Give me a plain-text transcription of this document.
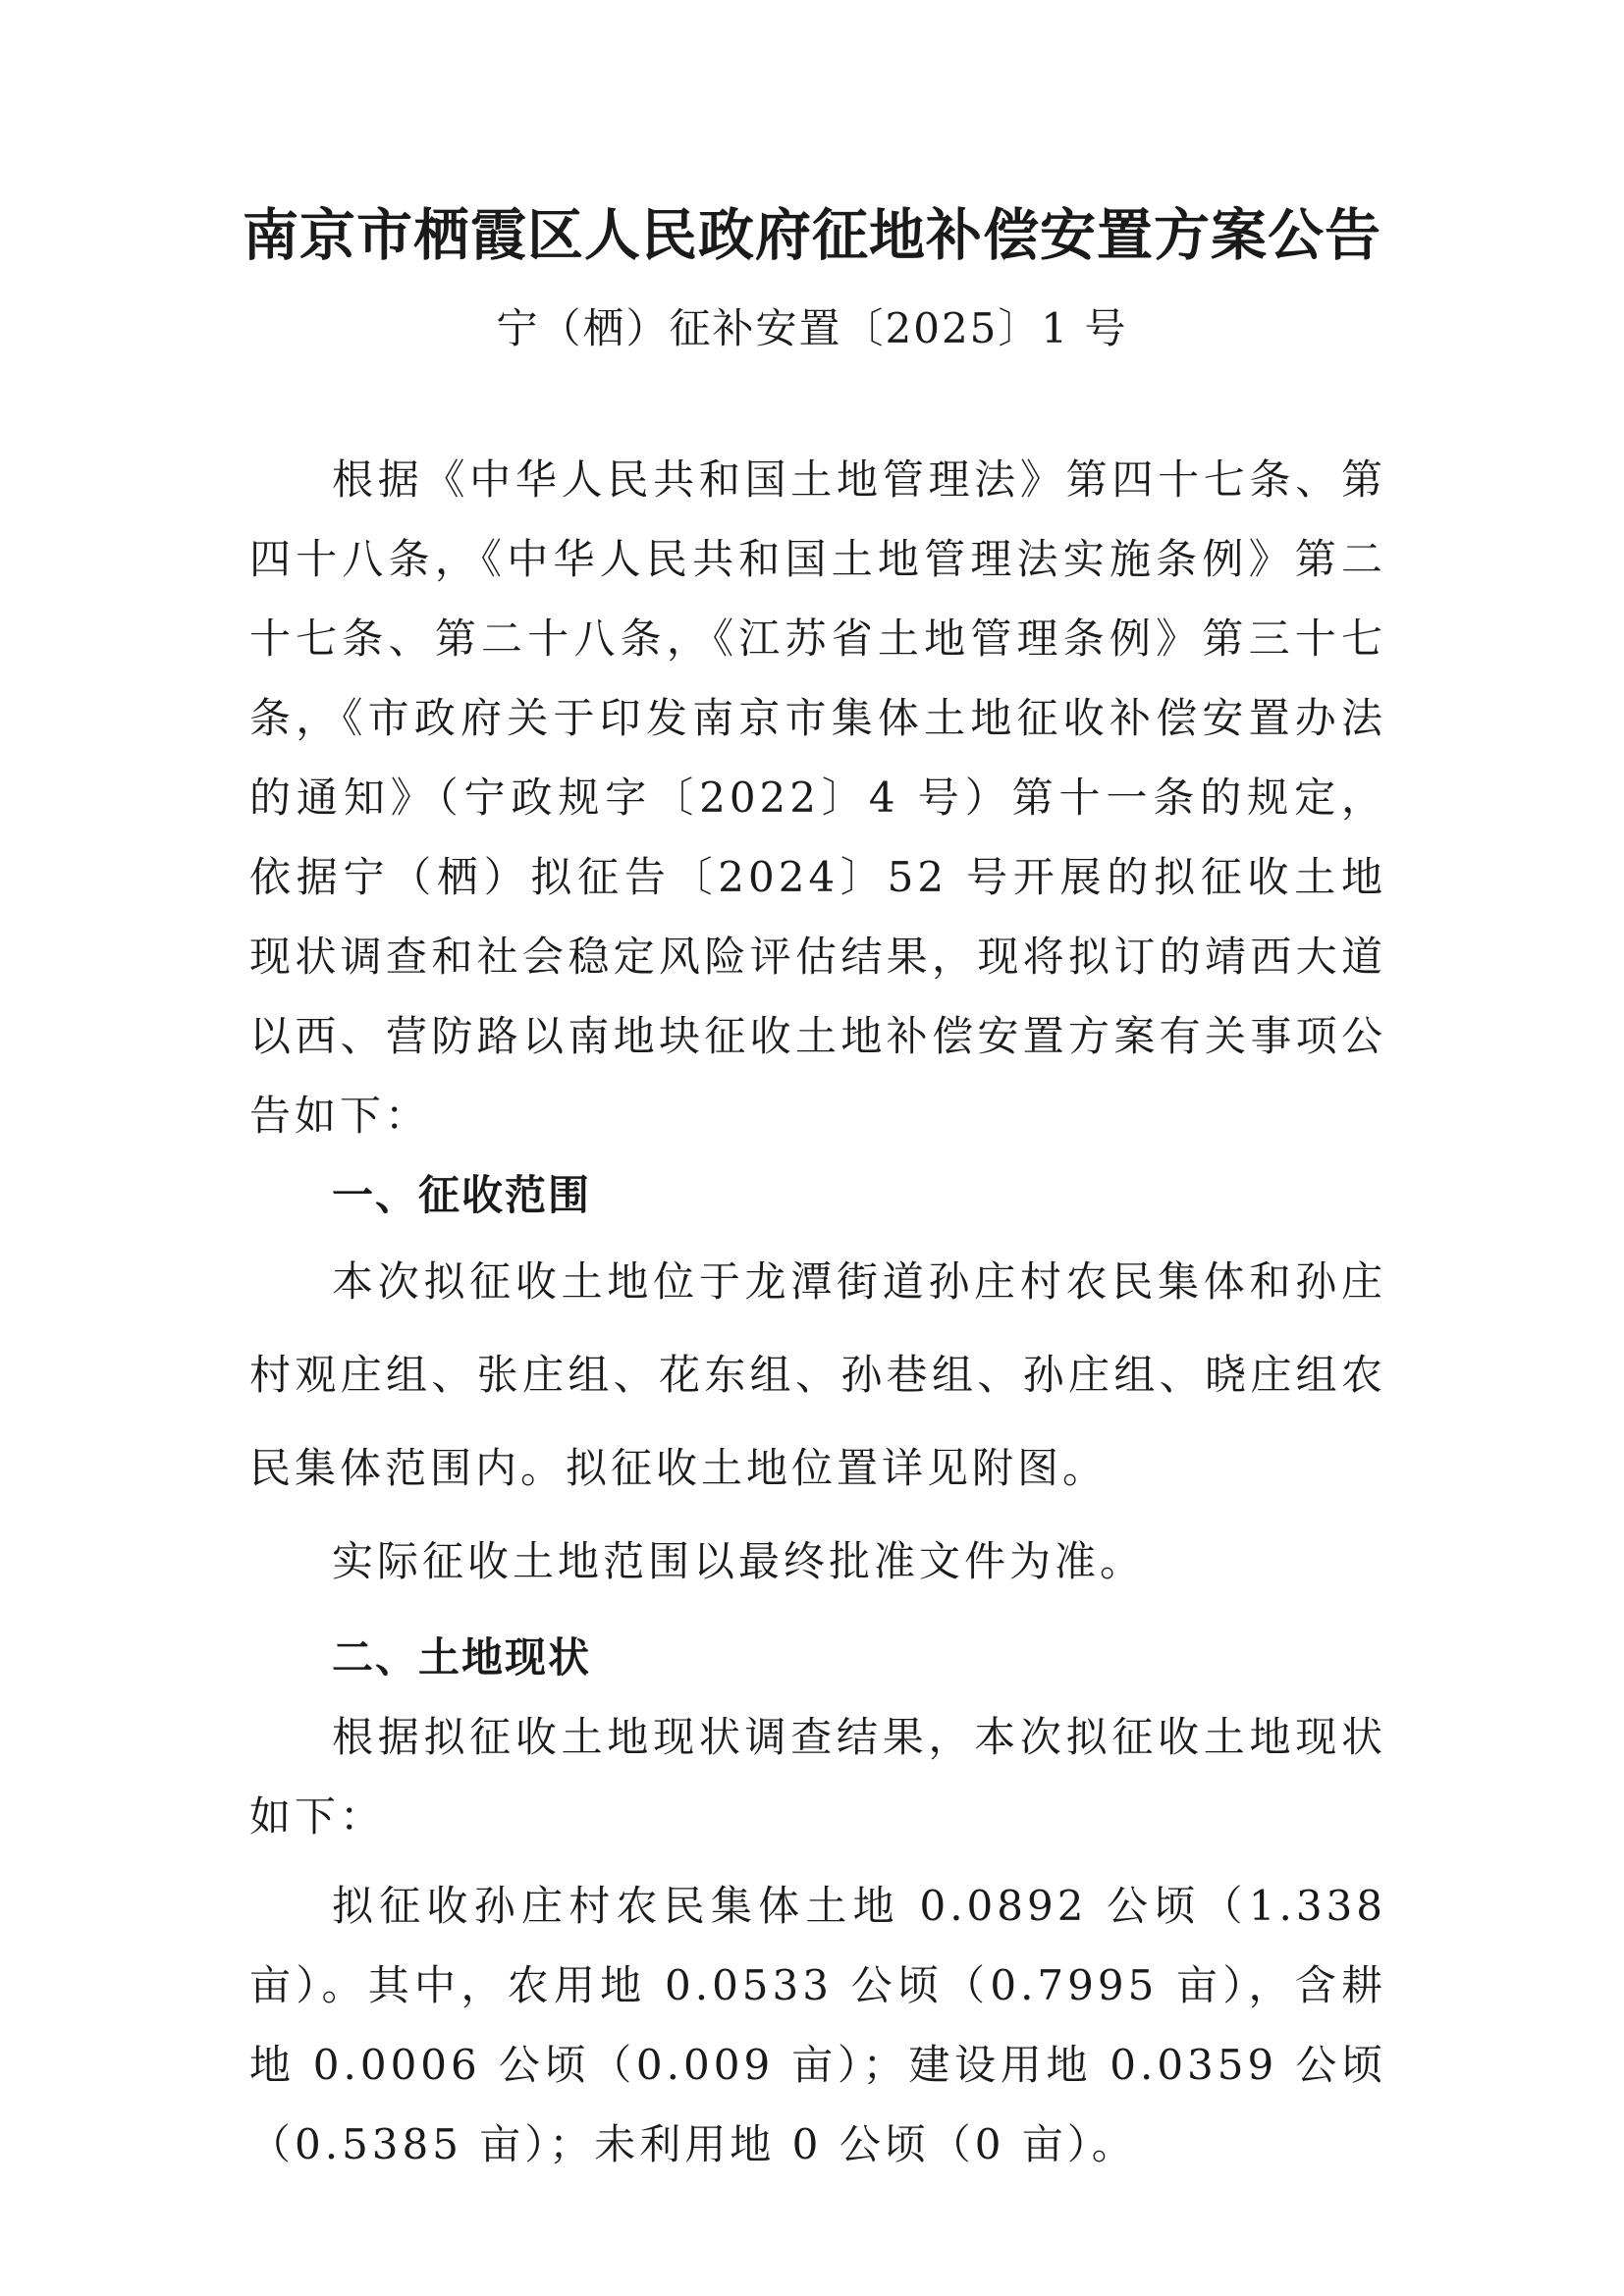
南京市栖霞区人民政府征地补偿安置方案公告

宁（栖）征补安置〔2025〕1 号

根据《中华人民共和国土地管理法》第四十七条、第四十八条，《中华人民共和国土地管理法实施条例》第二十七条、第二十八条，《江苏省土地管理条例》第三十七条，《市政府关于印发南京市集体土地征收补偿安置办法的通知》（宁政规字〔2022〕4 号）第十一条的规定，依据宁（栖）拟征告〔2024〕52 号开展的拟征收土地现状调查和社会稳定风险评估结果，现将拟订的靖西大道以西、营防路以南地块征收土地补偿安置方案有关事项公告如下：

一、征收范围

本次拟征收土地位于龙潭街道孙庄村农民集体和孙庄村观庄组、张庄组、花东组、孙巷组、孙庄组、晓庄组农民集体范围内。拟征收土地位置详见附图。

实际征收土地范围以最终批准文件为准。

二、土地现状

根据拟征收土地现状调查结果，本次拟征收土地现状如下：

拟征收孙庄村农民集体土地 0.0892 公顷（1.338 亩）。其中，农用地 0.0533 公顷（0.7995 亩），含耕地 0.0006 公顷（0.009 亩）；建设用地 0.0359 公顷（0.5385 亩）；未利用地 0 公顷（0 亩）。
